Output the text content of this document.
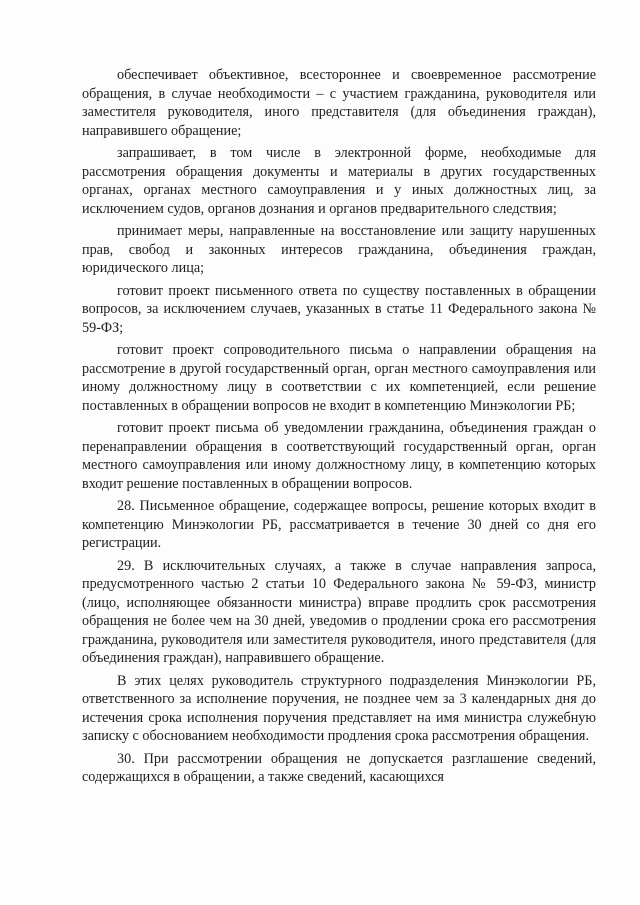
обеспечивает объективное, всестороннее и своевременное рассмотрение обращения, в случае необходимости – с участием гражданина, руководителя или заместителя руководителя, иного представителя (для объединения граждан), направившего обращение;

запрашивает, в том числе в электронной форме, необходимые для рассмотрения обращения документы и материалы в других государственных органах, органах местного самоуправления и у иных должностных лиц, за исключением судов, органов дознания и органов предварительного следствия;

принимает меры, направленные на восстановление или защиту нарушенных прав, свобод и законных интересов гражданина, объединения граждан, юридического лица;

готовит проект письменного ответа по существу поставленных в обращении вопросов, за исключением случаев, указанных в статье 11 Федерального закона № 59-ФЗ;

готовит проект сопроводительного письма о направлении обращения на рассмотрение в другой государственный орган, орган местного самоуправления или иному должностному лицу в соответствии с их компетенцией, если решение поставленных в обращении вопросов не входит в компетенцию Минэкологии РБ;

готовит проект письма об уведомлении гражданина, объединения граждан о перенаправлении обращения в соответствующий государственный орган, орган местного самоуправления или иному должностному лицу, в компетенцию которых входит решение поставленных в обращении вопросов.

28. Письменное обращение, содержащее вопросы, решение которых входит в компетенцию Минэкологии РБ, рассматривается в течение 30 дней со дня его регистрации.

29. В исключительных случаях, а также в случае направления запроса, предусмотренного частью 2 статьи 10 Федерального закона № 59-ФЗ, министр (лицо, исполняющее обязанности министра) вправе продлить срок рассмотрения обращения не более чем на 30 дней, уведомив о продлении срока его рассмотрения гражданина, руководителя или заместителя руководителя, иного представителя (для объединения граждан), направившего обращение.

В этих целях руководитель структурного подразделения Минэкологии РБ, ответственного за исполнение поручения, не позднее чем за 3 календарных дня до истечения срока исполнения поручения представляет на имя министра служебную записку с обоснованием необходимости продления срока рассмотрения обращения.

30. При рассмотрении обращения не допускается разглашение сведений, содержащихся в обращении, а также сведений, касающихся
